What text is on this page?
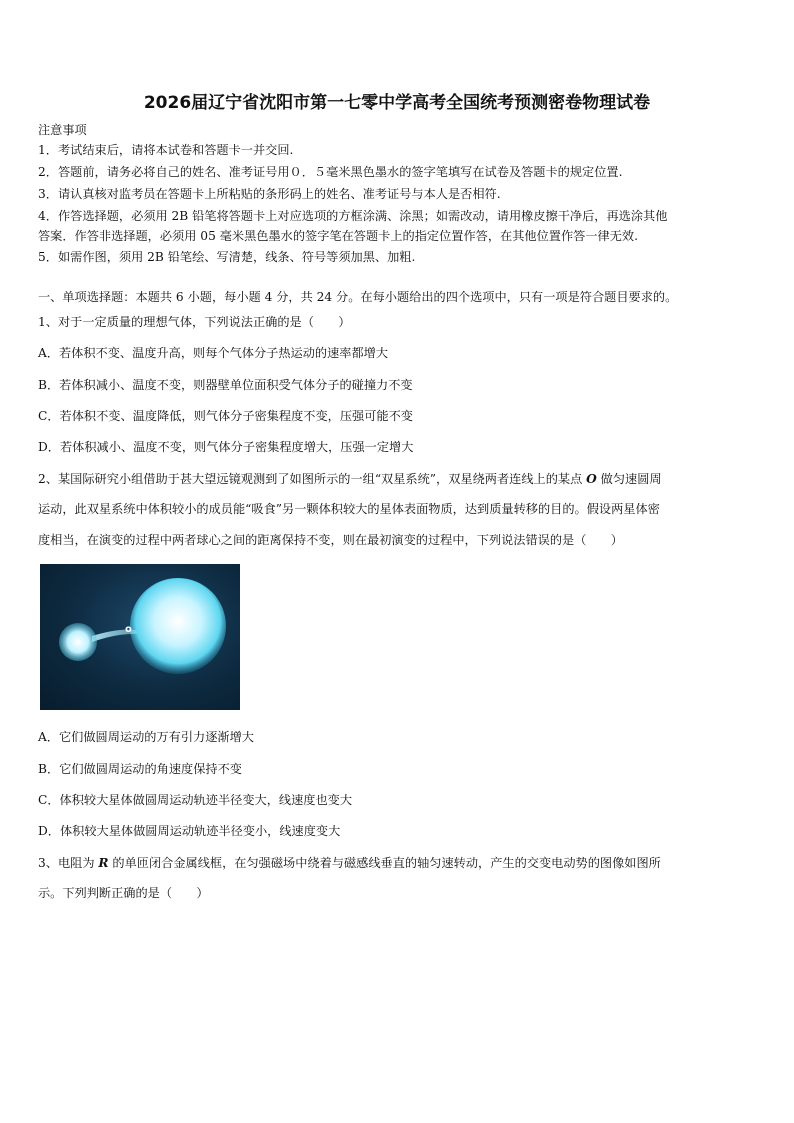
2026届辽宁省沈阳市第一七零中学高考全国统考预测密卷物理试卷
注意事项
1．考试结束后，请将本试卷和答题卡一并交回.
2．答题前，请务必将自己的姓名、准考证号用０．５毫米黑色墨水的签字笔填写在试卷及答题卡的规定位置.
3．请认真核对监考员在答题卡上所粘贴的条形码上的姓名、准考证号与本人是否相符.
4．作答选择题，必须用 2B 铅笔将答题卡上对应选项的方框涂满、涂黑；如需改动，请用橡皮擦干净后，再选涂其他
答案．作答非选择题，必须用 05 毫米黑色墨水的签字笔在答题卡上的指定位置作答，在其他位置作答一律无效.
5．如需作图，须用 2B 铅笔绘、写清楚，线条、符号等须加黑、加粗.
一、单项选择题：本题共 6 小题，每小题 4 分，共 24 分。在每小题给出的四个选项中，只有一项是符合题目要求的。
1、对于一定质量的理想气体，下列说法正确的是（　　）
A．若体积不变、温度升高，则每个气体分子热运动的速率都增大
B．若体积减小、温度不变，则器壁单位面积受气体分子的碰撞力不变
C．若体积不变、温度降低，则气体分子密集程度不变，压强可能不变
D．若体积减小、温度不变，则气体分子密集程度增大，压强一定增大
2、某国际研究小组借助于甚大望远镜观测到了如图所示的一组“双星系统”，双星绕两者连线上的某点 O 做匀速圆周
运动，此双星系统中体积较小的成员能“吸食”另一颗体积较大的星体表面物质，达到质量转移的目的。假设两星体密
度相当，在演变的过程中两者球心之间的距离保持不变，则在最初演变的过程中，下列说法错误的是（　　）
o
A．它们做圆周运动的万有引力逐渐增大
B．它们做圆周运动的角速度保持不变
C．体积较大星体做圆周运动轨迹半径变大，线速度也变大
D．体积较大星体做圆周运动轨迹半径变小，线速度变大
3、电阻为 R 的单匝闭合金属线框，在匀强磁场中绕着与磁感线垂直的轴匀速转动，产生的交变电动势的图像如图所
示。下列判断正确的是（　　）
